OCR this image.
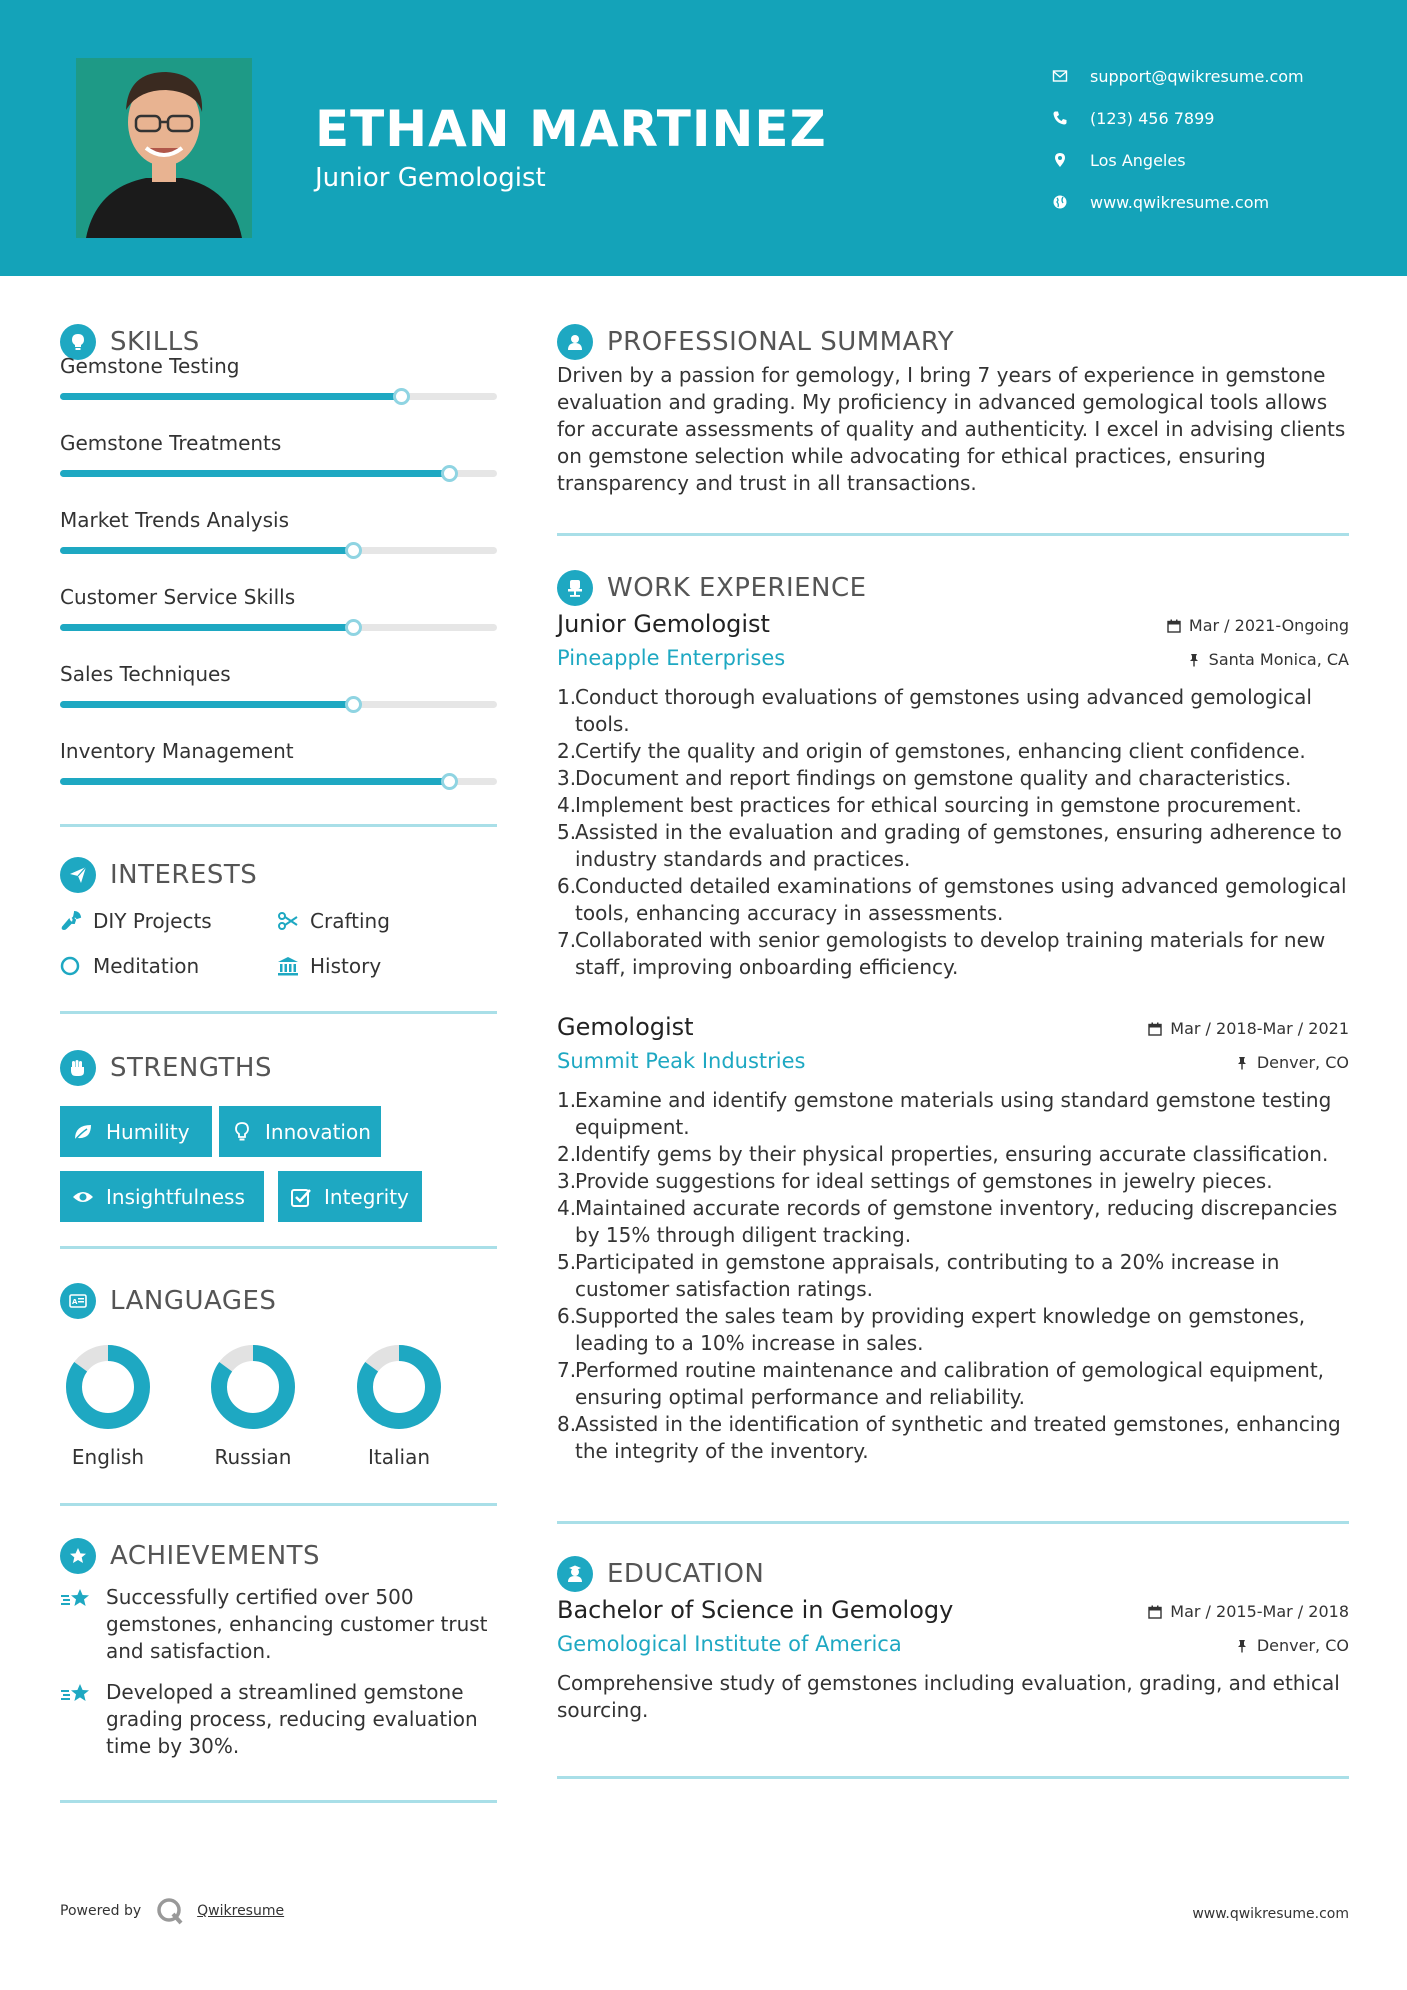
ETHAN MARTINEZ
Junior Gemologist
support@qwikresume.com
(123) 456 7899
Los Angeles
www.qwikresume.com
SKILLS
Gemstone Testing
Gemstone Treatments
Market Trends Analysis
Customer Service Skills
Sales Techniques
Inventory Management
INTERESTS
DIY Projects	Crafting
Meditation	History
STRENGTHS
Humility	Innovation
Insightfulness	Integrity
A LANGUAGES
English	Russian	Italian
ACHIEVEMENTS
Successfully certified over 500 gemstones, enhancing customer trust and satisfaction.
Developed a streamlined gemstone grading process, reducing evaluation time by 30%.
PROFESSIONAL SUMMARY
Driven by a passion for gemology, I bring 7 years of experience in gemstone evaluation and grading. My proficiency in advanced gemological tools allows for accurate assessments of quality and authenticity. I excel in advising clients on gemstone selection while advocating for ethical practices, ensuring transparency and trust in all transactions.
WORK EXPERIENCE
Junior Gemologist	Mar / 2021-Ongoing
Pineapple Enterprises	Santa Monica, CA
Conduct thorough evaluations of gemstones using advanced gemological tools.
Certify the quality and origin of gemstones, enhancing client confidence.
Document and report findings on gemstone quality and characteristics.
Implement best practices for ethical sourcing in gemstone procurement.
Assisted in the evaluation and grading of gemstones, ensuring adherence to industry standards and practices.
Conducted detailed examinations of gemstones using advanced gemological tools, enhancing accuracy in assessments.
Collaborated with senior gemologists to develop training materials for new staff, improving onboarding efficiency.
Gemologist	Mar / 2018-Mar / 2021
Summit Peak Industries	Denver, CO
Examine and identify gemstone materials using standard gemstone testing equipment.
Identify gems by their physical properties, ensuring accurate classification.
Provide suggestions for ideal settings of gemstones in jewelry pieces.
Maintained accurate records of gemstone inventory, reducing discrepancies by 15% through diligent tracking.
Participated in gemstone appraisals, contributing to a 20% increase in customer satisfaction ratings.
Supported the sales team by providing expert knowledge on gemstones, leading to a 10% increase in sales.
Performed routine maintenance and calibration of gemological equipment, ensuring optimal performance and reliability.
Assisted in the identification of synthetic and treated gemstones, enhancing the integrity of the inventory.
EDUCATION
Bachelor of Science in Gemology	Mar / 2015-Mar / 2018
Gemological Institute of America	Denver, CO
Comprehensive study of gemstones including evaluation, grading, and ethical sourcing.
Powered by	Qwikresume	www.qwikresume.com
